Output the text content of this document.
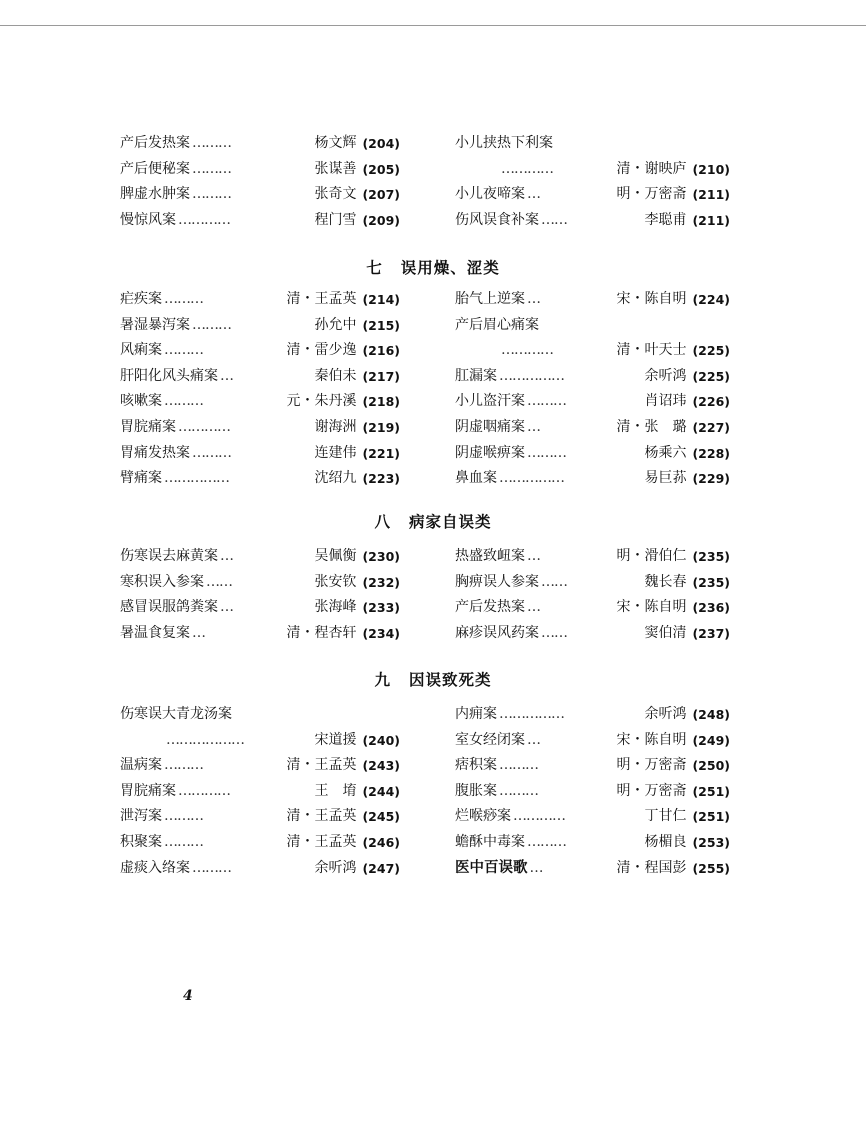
产后发热案 ………	杨文辉 (204)
产后便秘案 ………	张谋善 (205)
脾虚水肿案 ………	张奇文 (207)
慢惊风案 …………	程门雪 (209)
小儿挟热下利案
…………	清・谢映庐 (210)
小儿夜啼案 …	明・万密斋 (211)
伤风误食补案 ……	李聪甫 (211)
七 误用燥、涩类
疟疾案 ………	清・王孟英 (214)
暑湿暴泻案 ………	孙允中 (215)
风痢案 ………	清・雷少逸 (216)
肝阳化风头痛案 …	秦伯未 (217)
咳嗽案 ………	元・朱丹溪 (218)
胃脘痛案 …………	谢海洲 (219)
胃痛发热案 ………	连建伟 (221)
臂痛案 ……………	沈绍九 (223)
胎气上逆案 …	宋・陈自明 (224)
产后眉心痛案
…………	清・叶天士 (225)
肛漏案 ……………	余听鸿 (225)
小儿盗汗案 ………	肖诏玮 (226)
阴虚咽痛案 …	清・张　璐 (227)
阴虚喉痹案 ………	杨乘六 (228)
鼻血案 ……………	易巨荪 (229)
八 病家自误类
伤寒误去麻黄案 …	吴佩衡 (230)
寒积误入参案 ……	张安钦 (232)
感冒误服鸽粪案 …	张海峰 (233)
暑温食复案 …	清・程杏轩 (234)
热盛致衄案 …	明・滑伯仁 (235)
胸痹误人参案 ……	魏长春 (235)
产后发热案 …	宋・陈自明 (236)
麻疹误风药案 ……	窦伯清 (237)
九 因误致死类
伤寒误大青龙汤案
………………	宋道援 (240)
温病案 ………	清・王孟英 (243)
胃脘痛案 …………	王　堉 (244)
泄泻案 ………	清・王孟英 (245)
积聚案 ………	清・王孟英 (246)
虚痰入络案 ………	余听鸿 (247)
内痈案 ……………	余听鸿 (248)
室女经闭案 …	宋・陈自明 (249)
痞积案 ………	明・万密斋 (250)
腹胀案 ………	明・万密斋 (251)
烂喉痧案 …………	丁甘仁 (251)
蟾酥中毒案 ………	杨楣良 (253)
医中百误歌 …	清・程国彭 (255)
4
